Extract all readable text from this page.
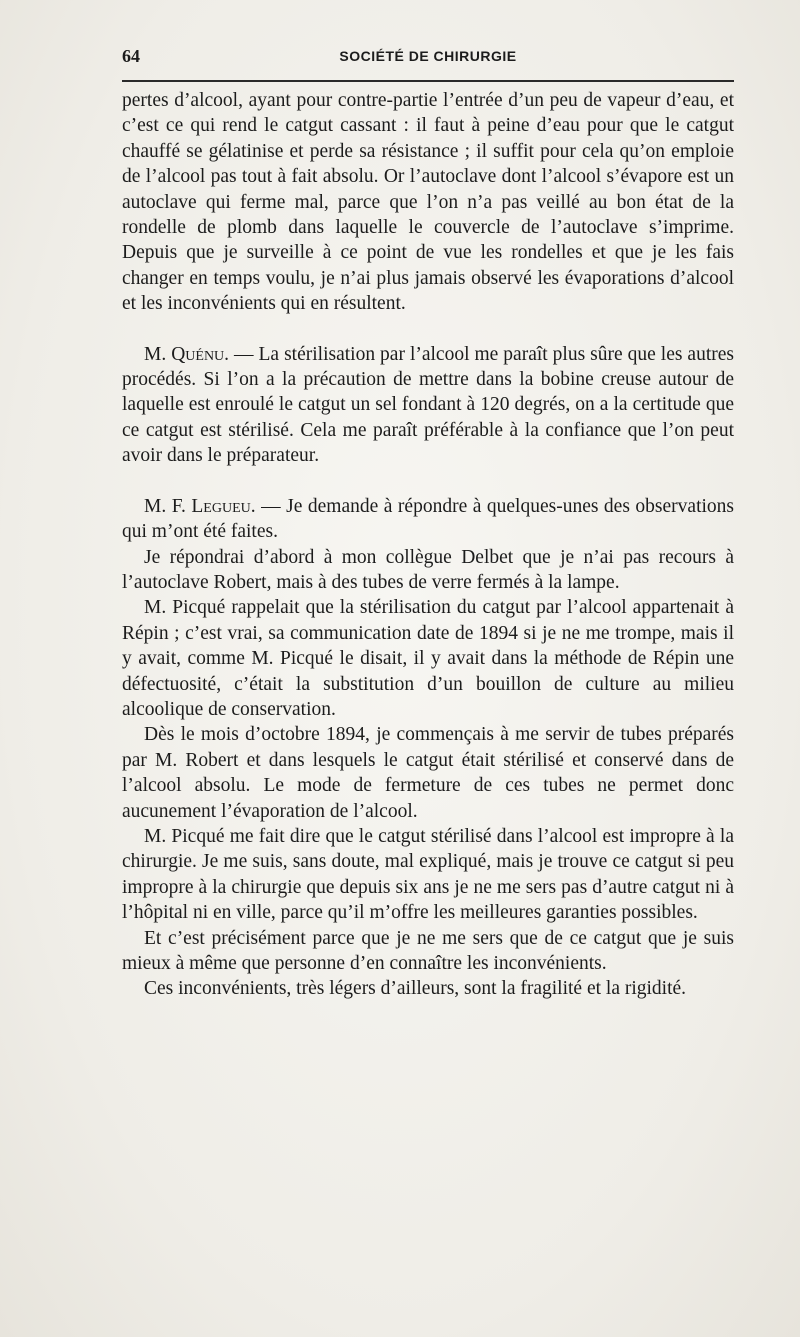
64	SOCIÉTÉ DE CHIRURGIE

pertes d’alcool, ayant pour contre-partie l’entrée d’un peu de vapeur d’eau, et c’est ce qui rend le catgut cassant : il faut à peine d’eau pour que le catgut chauffé se gélatinise et perde sa résistance ; il suffit pour cela qu’on emploie de l’alcool pas tout à fait absolu. Or l’autoclave dont l’alcool s’évapore est un autoclave qui ferme mal, parce que l’on n’a pas veillé au bon état de la rondelle de plomb dans laquelle le couvercle de l’autoclave s’imprime. Depuis que je surveille à ce point de vue les rondelles et que je les fais changer en temps voulu, je n’ai plus jamais observé les évaporations d’alcool et les inconvénients qui en résultent.

M. Quénu. — La stérilisation par l’alcool me paraît plus sûre que les autres procédés. Si l’on a la précaution de mettre dans la bobine creuse autour de laquelle est enroulé le catgut un sel fondant à 120 degrés, on a la certitude que ce catgut est stérilisé. Cela me paraît préférable à la confiance que l’on peut avoir dans le préparateur.

M. F. Legueu. — Je demande à répondre à quelques-unes des observations qui m’ont été faites.

Je répondrai d’abord à mon collègue Delbet que je n’ai pas recours à l’autoclave Robert, mais à des tubes de verre fermés à la lampe.

M. Picqué rappelait que la stérilisation du catgut par l’alcool appartenait à Répin ; c’est vrai, sa communication date de 1894 si je ne me trompe, mais il y avait, comme M. Picqué le disait, il y avait dans la méthode de Répin une défectuosité, c’était la substitution d’un bouillon de culture au milieu alcoolique de conservation.

Dès le mois d’octobre 1894, je commençais à me servir de tubes préparés par M. Robert et dans lesquels le catgut était stérilisé et conservé dans de l’alcool absolu. Le mode de fermeture de ces tubes ne permet donc aucunement l’évaporation de l’alcool.

M. Picqué me fait dire que le catgut stérilisé dans l’alcool est impropre à la chirurgie. Je me suis, sans doute, mal expliqué, mais je trouve ce catgut si peu impropre à la chirurgie que depuis six ans je ne me sers pas d’autre catgut ni à l’hôpital ni en ville, parce qu’il m’offre les meilleures garanties possibles.

Et c’est précisément parce que je ne me sers que de ce catgut que je suis mieux à même que personne d’en connaître les inconvénients.

Ces inconvénients, très légers d’ailleurs, sont la fragilité et la rigidité.
